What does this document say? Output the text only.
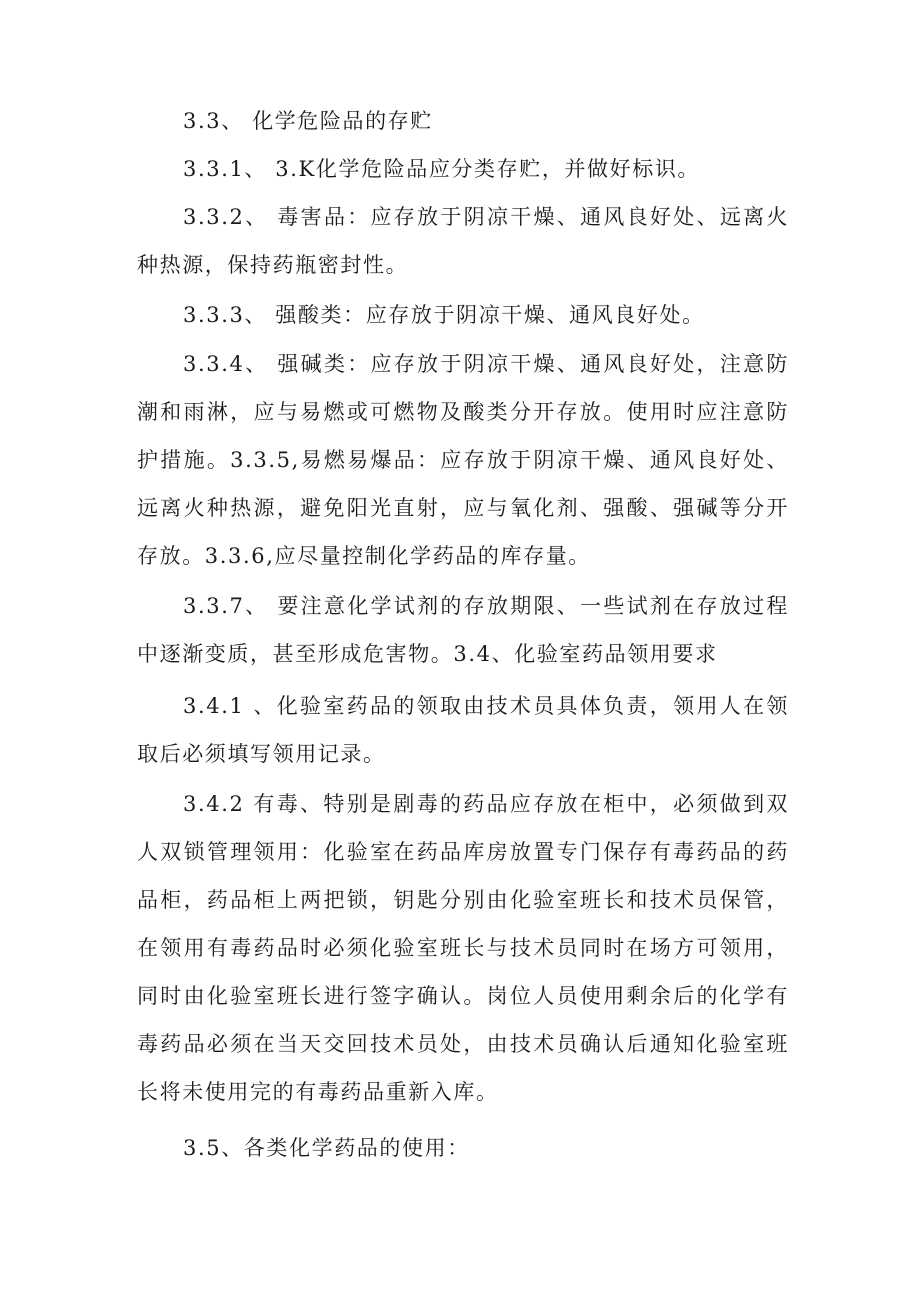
3.3、 化学危险品的存贮

3.3.1、 3.K化学危险品应分类存贮，并做好标识。

3.3.2、 毒害品：应存放于阴凉干燥、通风良好处、远离火种热源，保持药瓶密封性。

3.3.3、 强酸类：应存放于阴凉干燥、通风良好处。

3.3.4、 强碱类：应存放于阴凉干燥、通风良好处，注意防潮和雨淋，应与易燃或可燃物及酸类分开存放。使用时应注意防护措施。3.3.5,易燃易爆品：应存放于阴凉干燥、通风良好处、远离火种热源，避免阳光直射，应与氧化剂、强酸、强碱等分开存放。3.3.6,应尽量控制化学药品的库存量。

3.3.7、 要注意化学试剂的存放期限、一些试剂在存放过程中逐渐变质，甚至形成危害物。3.4、化验室药品领用要求

3.4.1 、化验室药品的领取由技术员具体负责，领用人在领取后必须填写领用记录。

3.4.2 有毒、特别是剧毒的药品应存放在柜中，必须做到双人双锁管理领用：化验室在药品库房放置专门保存有毒药品的药品柜，药品柜上两把锁，钥匙分别由化验室班长和技术员保管，在领用有毒药品时必须化验室班长与技术员同时在场方可领用，同时由化验室班长进行签字确认。岗位人员使用剩余后的化学有毒药品必须在当天交回技术员处，由技术员确认后通知化验室班长将未使用完的有毒药品重新入库。

3.5、各类化学药品的使用：
